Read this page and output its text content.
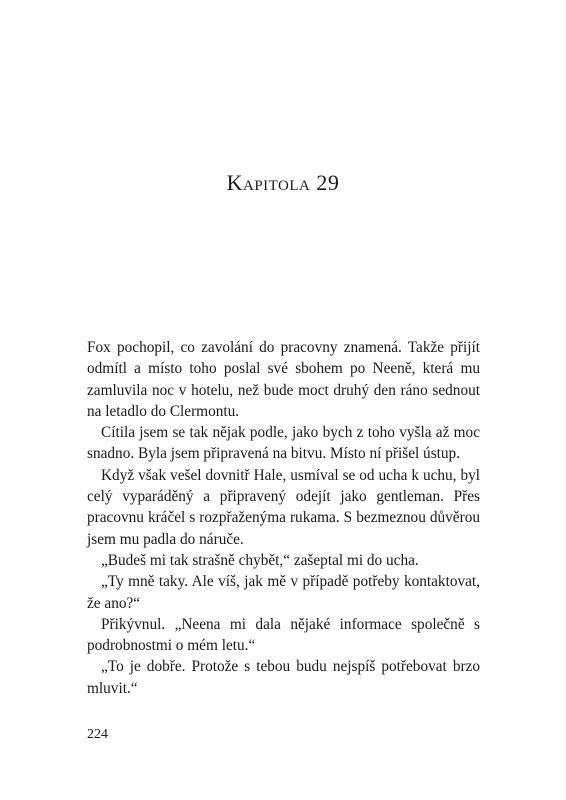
Kapitola 29

Fox pochopil, co zavolání do pracovny znamená. Takže přijít odmítl a místo toho poslal své sbohem po Neeně, která mu zamluvila noc v hotelu, než bude moct druhý den ráno sednout na letadlo do Clermontu.

Cítila jsem se tak nějak podle, jako bych z toho vyšla až moc snadno. Byla jsem připravená na bitvu. Místo ní přišel ústup.

Když však vešel dovnitř Hale, usmíval se od ucha k uchu, byl celý vyparáděný a připravený odejít jako gentleman. Přes pracovnu kráčel s rozpřaženýma rukama. S bezmeznou důvěrou jsem mu padla do náruče.

„Budeš mi tak strašně chybět,“ zašeptal mi do ucha.

„Ty mně taky. Ale víš, jak mě v případě potřeby kontaktovat, že ano?“

Přikývnul. „Neena mi dala nějaké informace společně s podrobnostmi o mém letu.“

„To je dobře. Protože s tebou budu nejspíš potřebovat brzo mluvit.“

224
